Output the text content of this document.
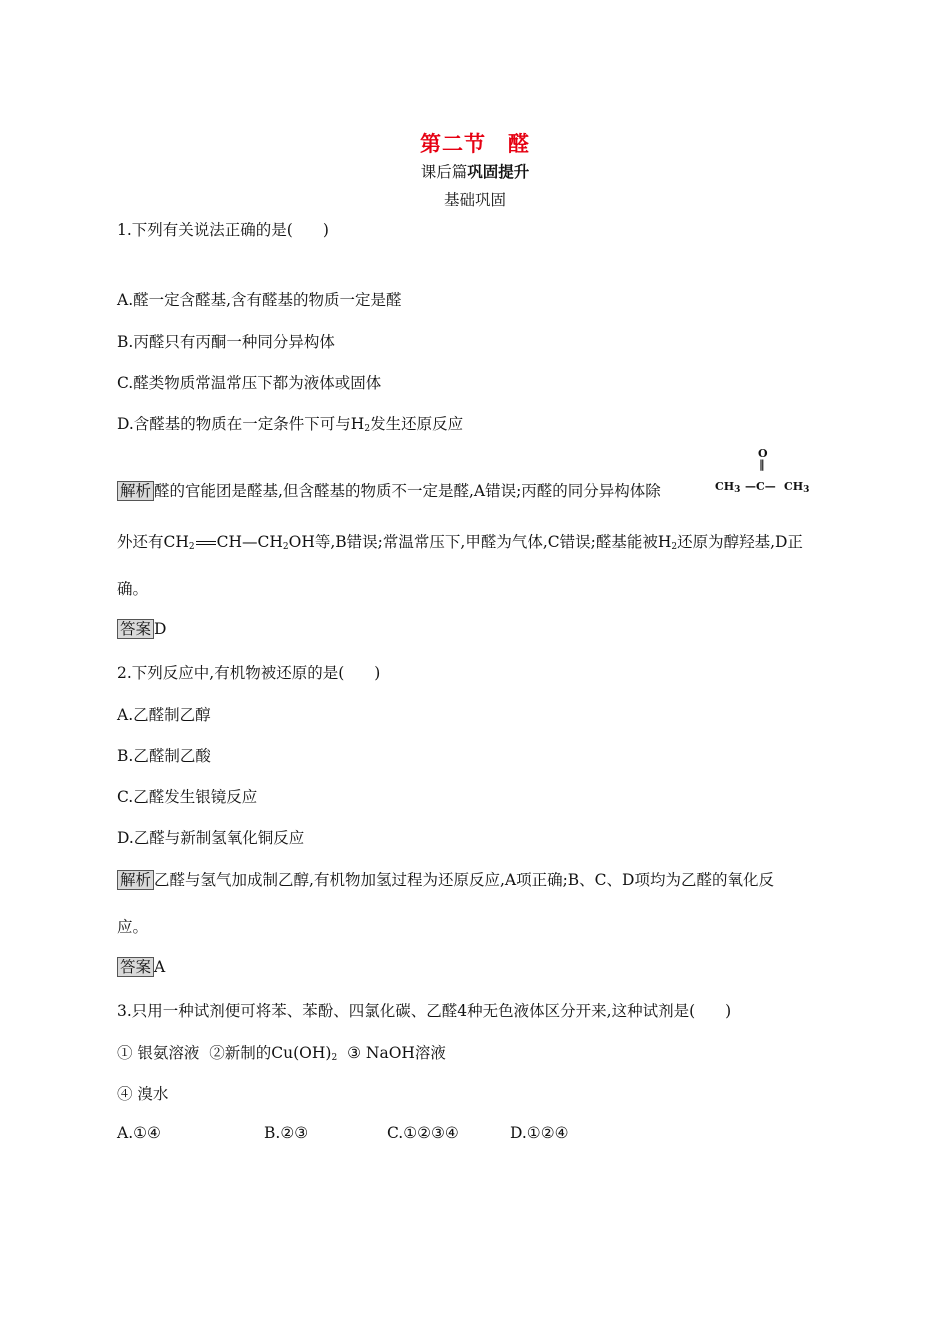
第二节 醛
课后篇巩固提升
基础巩固
1.下列有关说法正确的是( )
A.醛一定含醛基,含有醛基的物质一定是醛
B.丙醛只有丙酮一种同分异构体
C.醛类物质常温常压下都为液体或固体
D.含醛基的物质在一定条件下可与$H_2$发生还原反应
解析 醛的官能团是醛基,但含醛基的物质不一定是醛,A错误;丙醛的同分异构体除
O
‖
$CH_3$ —C— $CH_3$
外还有$CH_2$ $CH—CH_2OH$等,B错误;常温常压下,甲醛为气体,C错误;醛基能被$H_2$还原为醇羟基,D正
确。
答案 D
2.下列反应中,有机物被还原的是( )
A.乙醛制乙醇
B.乙醛制乙酸
C.乙醛发生银镜反应
D.乙醛与新制氢氧化铜反应
解析 乙醛与氢气加成制乙醇,有机物加氢过程为还原反应,A项正确;B、C、D项均为乙醛的氧化反
应。
答案 A
3.只用一种试剂便可将苯、苯酚、四氯化碳、乙醛4种无色液体区分开来,这种试剂是( )
① 银氨溶液 ②新制的$Cu(OH)_2$ ③ NaOH溶液
④ 溴水
A.①④	B.②③	C.①②③④	D.①②④
